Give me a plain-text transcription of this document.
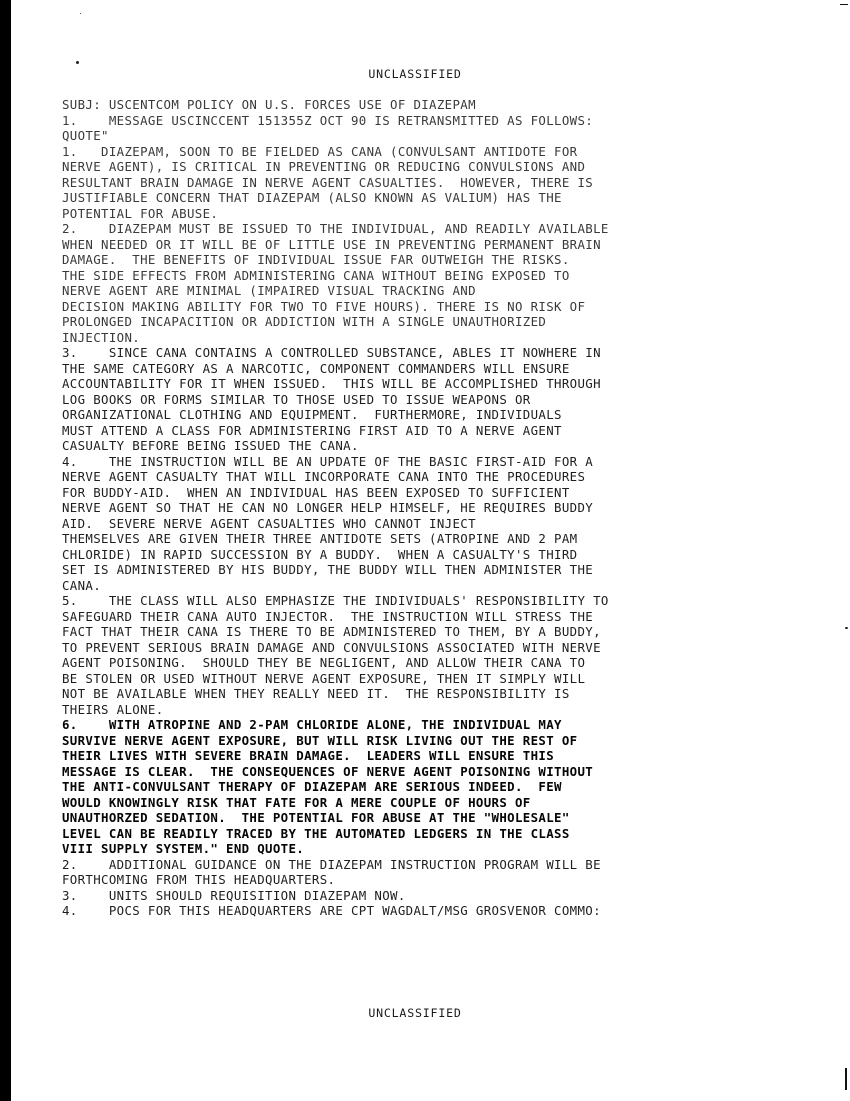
UNCLASSIFIED
SUBJ: USCENTCOM POLICY ON U.S. FORCES USE OF DIAZEPAM
1.    MESSAGE USCINCCENT 151355Z OCT 90 IS RETRANSMITTED AS FOLLOWS:
QUOTE"
1.   DIAZEPAM, SOON TO BE FIELDED AS CANA (CONVULSANT ANTIDOTE FOR
NERVE AGENT), IS CRITICAL IN PREVENTING OR REDUCING CONVULSIONS AND
RESULTANT BRAIN DAMAGE IN NERVE AGENT CASUALTIES.  HOWEVER, THERE IS
JUSTIFIABLE CONCERN THAT DIAZEPAM (ALSO KNOWN AS VALIUM) HAS THE
POTENTIAL FOR ABUSE.
2.    DIAZEPAM MUST BE ISSUED TO THE INDIVIDUAL, AND READILY AVAILABLE
WHEN NEEDED OR IT WILL BE OF LITTLE USE IN PREVENTING PERMANENT BRAIN
DAMAGE.  THE BENEFITS OF INDIVIDUAL ISSUE FAR OUTWEIGH THE RISKS.
THE SIDE EFFECTS FROM ADMINISTERING CANA WITHOUT BEING EXPOSED TO
NERVE AGENT ARE MINIMAL (IMPAIRED VISUAL TRACKING AND
DECISION MAKING ABILITY FOR TWO TO FIVE HOURS). THERE IS NO RISK OF
PROLONGED INCAPACITION OR ADDICTION WITH A SINGLE UNAUTHORIZED
INJECTION.
3.    SINCE CANA CONTAINS A CONTROLLED SUBSTANCE, ABLES IT NOWHERE IN
THE SAME CATEGORY AS A NARCOTIC, COMPONENT COMMANDERS WILL ENSURE
ACCOUNTABILITY FOR IT WHEN ISSUED.  THIS WILL BE ACCOMPLISHED THROUGH
LOG BOOKS OR FORMS SIMILAR TO THOSE USED TO ISSUE WEAPONS OR
ORGANIZATIONAL CLOTHING AND EQUIPMENT.  FURTHERMORE, INDIVIDUALS
MUST ATTEND A CLASS FOR ADMINISTERING FIRST AID TO A NERVE AGENT
CASUALTY BEFORE BEING ISSUED THE CANA.
4.    THE INSTRUCTION WILL BE AN UPDATE OF THE BASIC FIRST-AID FOR A
NERVE AGENT CASUALTY THAT WILL INCORPORATE CANA INTO THE PROCEDURES
FOR BUDDY-AID.  WHEN AN INDIVIDUAL HAS BEEN EXPOSED TO SUFFICIENT
NERVE AGENT SO THAT HE CAN NO LONGER HELP HIMSELF, HE REQUIRES BUDDY
AID.  SEVERE NERVE AGENT CASUALTIES WHO CANNOT INJECT
THEMSELVES ARE GIVEN THEIR THREE ANTIDOTE SETS (ATROPINE AND 2 PAM
CHLORIDE) IN RAPID SUCCESSION BY A BUDDY.  WHEN A CASUALTY'S THIRD
SET IS ADMINISTERED BY HIS BUDDY, THE BUDDY WILL THEN ADMINISTER THE
CANA.
5.    THE CLASS WILL ALSO EMPHASIZE THE INDIVIDUALS' RESPONSIBILITY TO
SAFEGUARD THEIR CANA AUTO INJECTOR.  THE INSTRUCTION WILL STRESS THE
FACT THAT THEIR CANA IS THERE TO BE ADMINISTERED TO THEM, BY A BUDDY,
TO PREVENT SERIOUS BRAIN DAMAGE AND CONVULSIONS ASSOCIATED WITH NERVE
AGENT POISONING.  SHOULD THEY BE NEGLIGENT, AND ALLOW THEIR CANA TO
BE STOLEN OR USED WITHOUT NERVE AGENT EXPOSURE, THEN IT SIMPLY WILL
NOT BE AVAILABLE WHEN THEY REALLY NEED IT.  THE RESPONSIBILITY IS
THEIRS ALONE.
6.    WITH ATROPINE AND 2-PAM CHLORIDE ALONE, THE INDIVIDUAL MAY
SURVIVE NERVE AGENT EXPOSURE, BUT WILL RISK LIVING OUT THE REST OF
THEIR LIVES WITH SEVERE BRAIN DAMAGE.  LEADERS WILL ENSURE THIS
MESSAGE IS CLEAR.  THE CONSEQUENCES OF NERVE AGENT POISONING WITHOUT
THE ANTI-CONVULSANT THERAPY OF DIAZEPAM ARE SERIOUS INDEED.  FEW
WOULD KNOWINGLY RISK THAT FATE FOR A MERE COUPLE OF HOURS OF
UNAUTHORZED SEDATION.  THE POTENTIAL FOR ABUSE AT THE "WHOLESALE"
LEVEL CAN BE READILY TRACED BY THE AUTOMATED LEDGERS IN THE CLASS
VIII SUPPLY SYSTEM." END QUOTE.
2.    ADDITIONAL GUIDANCE ON THE DIAZEPAM INSTRUCTION PROGRAM WILL BE
FORTHCOMING FROM THIS HEADQUARTERS.
3.    UNITS SHOULD REQUISITION DIAZEPAM NOW.
4.    POCS FOR THIS HEADQUARTERS ARE CPT WAGDALT/MSG GROSVENOR COMMO:
UNCLASSIFIED
